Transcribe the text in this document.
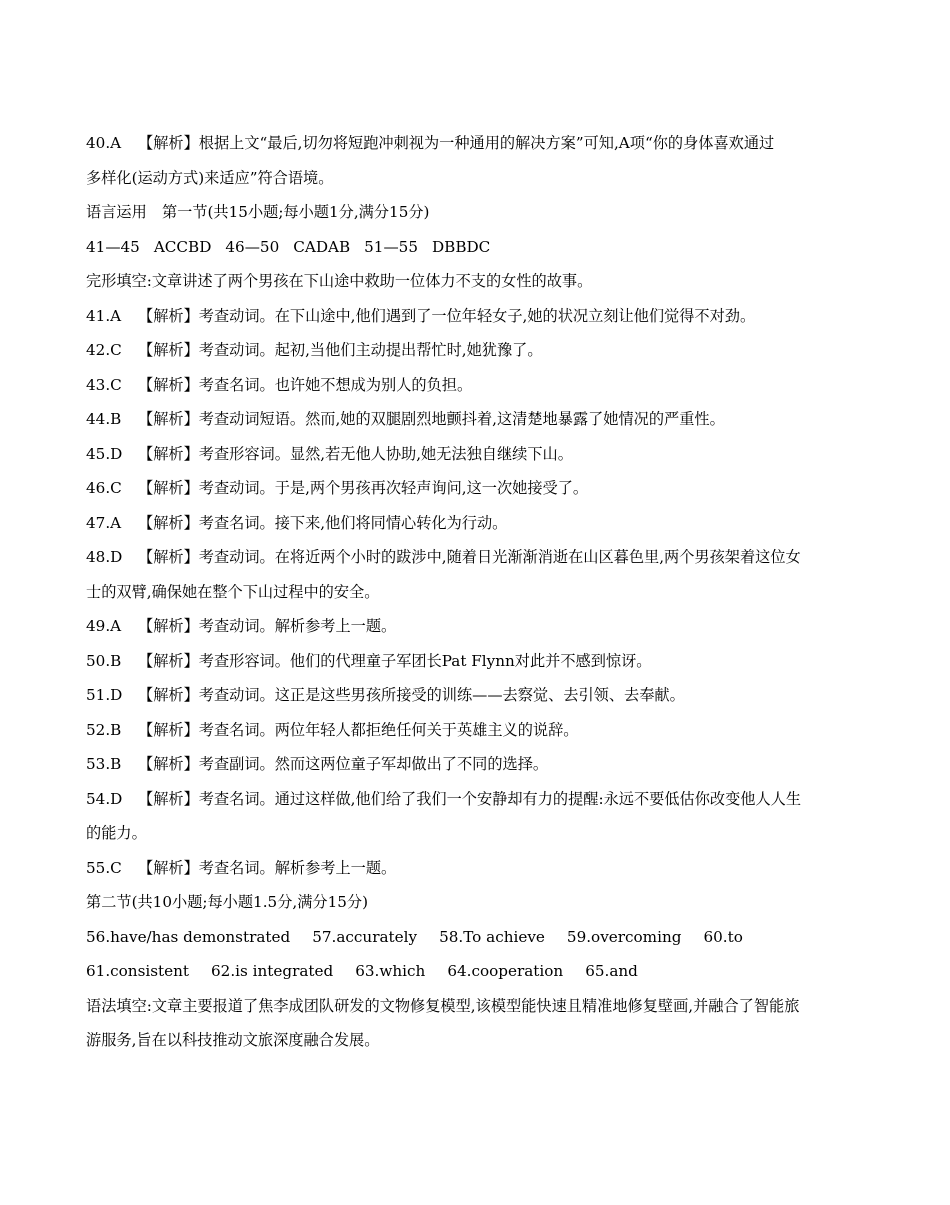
40.A 【解析】根据上文“最后,切勿将短跑冲刺视为一种通用的解决方案”可知,A项“你的身体喜欢通过
多样化(运动方式)来适应”符合语境。
语言运用　第一节(共15小题;每小题1分,满分15分)
41—45 ACCBD 46—50 CADAB 51—55 DBBDC
完形填空:文章讲述了两个男孩在下山途中救助一位体力不支的女性的故事。
41.A 【解析】考查动词。在下山途中,他们遇到了一位年轻女子,她的状况立刻让他们觉得不对劲。
42.C 【解析】考查动词。起初,当他们主动提出帮忙时,她犹豫了。
43.C 【解析】考查名词。也许她不想成为别人的负担。
44.B 【解析】考查动词短语。然而,她的双腿剧烈地颤抖着,这清楚地暴露了她情况的严重性。
45.D 【解析】考查形容词。显然,若无他人协助,她无法独自继续下山。
46.C 【解析】考查动词。于是,两个男孩再次轻声询问,这一次她接受了。
47.A 【解析】考查名词。接下来,他们将同情心转化为行动。
48.D 【解析】考查动词。在将近两个小时的跋涉中,随着日光渐渐消逝在山区暮色里,两个男孩架着这位女
士的双臂,确保她在整个下山过程中的安全。
49.A 【解析】考查动词。解析参考上一题。
50.B 【解析】考查形容词。他们的代理童子军团长Pat Flynn对此并不感到惊讶。
51.D 【解析】考查动词。这正是这些男孩所接受的训练——去察觉、去引领、去奉献。
52.B 【解析】考查名词。两位年轻人都拒绝任何关于英雄主义的说辞。
53.B 【解析】考查副词。然而这两位童子军却做出了不同的选择。
54.D 【解析】考查名词。通过这样做,他们给了我们一个安静却有力的提醒:永远不要低估你改变他人人生
的能力。
55.C 【解析】考查名词。解析参考上一题。
第二节(共10小题;每小题1.5分,满分15分)
56.have/has demonstrated 57.accurately 58.To achieve 59.overcoming 60.to
61.consistent 62.is integrated 63.which 64.cooperation 65.and
语法填空:文章主要报道了焦李成团队研发的文物修复模型,该模型能快速且精准地修复壁画,并融合了智能旅
游服务,旨在以科技推动文旅深度融合发展。
